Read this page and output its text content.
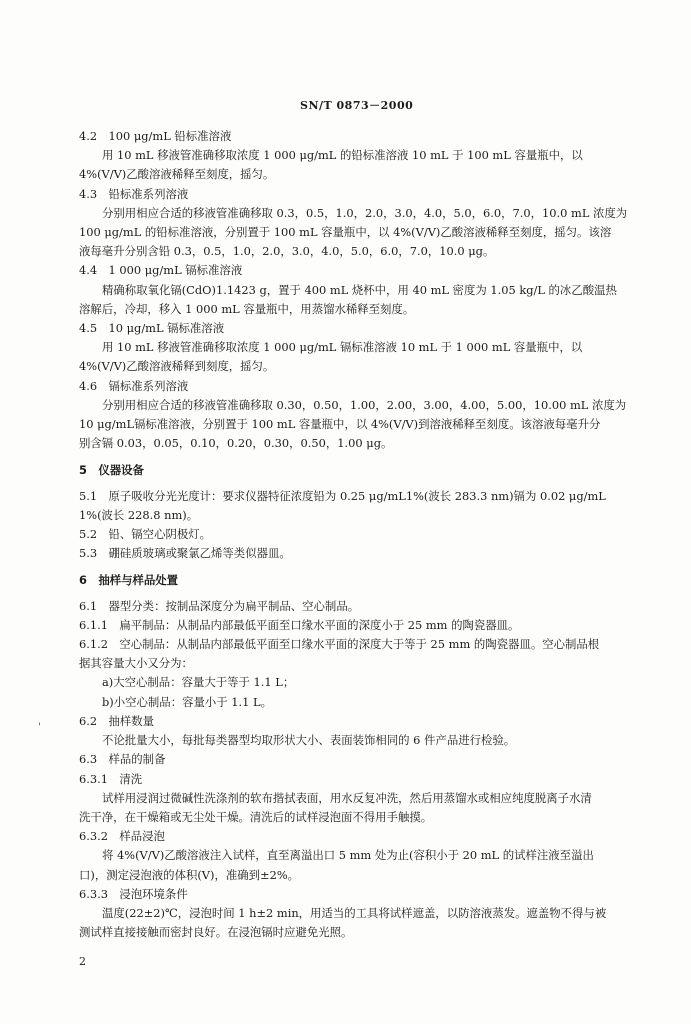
SN/T 0873－2000

4.2　100 μg/mL 铅标准溶液

用 10 mL 移液管准确移取浓度 1 000 μg/mL 的铅标准溶液 10 mL 于 100 mL 容量瓶中，以

4%(V/V)乙酸溶液稀释至刻度，摇匀。

4.3　铅标准系列溶液

分别用相应合适的移液管准确移取 0.3，0.5，1.0，2.0，3.0，4.0，5.0，6.0，7.0，10.0 mL 浓度为

100 μg/mL 的铅标准溶液，分别置于 100 mL 容量瓶中，以 4%(V/V)乙酸溶液稀释至刻度，摇匀。该溶

液每毫升分别含铅 0.3，0.5，1.0，2.0，3.0，4.0，5.0，6.0，7.0，10.0 μg。

4.4　1 000 μg/mL 镉标准溶液

精确称取氧化镉(CdO)1.1423 g，置于 400 mL 烧杯中，用 40 mL 密度为 1.05 kg/L 的冰乙酸温热

溶解后，冷却，移入 1 000 mL 容量瓶中，用蒸馏水稀释至刻度。

4.5　10 μg/mL 镉标准溶液

用 10 mL 移液管准确移取浓度 1 000 μg/mL 镉标准溶液 10 mL 于 1 000 mL 容量瓶中，以

4%(V/V)乙酸溶液稀释到刻度，摇匀。

4.6　镉标准系列溶液

分别用相应合适的移液管准确移取 0.30，0.50，1.00，2.00，3.00，4.00，5.00，10.00 mL 浓度为

10 μg/mL镉标准溶液，分别置于 100 mL 容量瓶中，以 4%(V/V)到溶液稀释至刻度。该溶液每毫升分

别含镉 0.03，0.05，0.10，0.20，0.30，0.50，1.00 μg。

5　仪器设备

5.1　原子吸收分光光度计：要求仪器特征浓度铅为 0.25 μg/mL1%(波长 283.3 nm)镉为 0.02 μg/mL

1%(波长 228.8 nm)。

5.2　铅、镉空心阴极灯。

5.3　硼硅质玻璃或聚氯乙烯等类似器皿。

6　抽样与样品处置

6.1　器型分类：按制品深度分为扁平制品、空心制品。

6.1.1　扁平制品：从制品内部最低平面至口缘水平面的深度小于 25 mm 的陶瓷器皿。

6.1.2　空心制品：从制品内部最低平面至口缘水平面的深度大于等于 25 mm 的陶瓷器皿。空心制品根

据其容量大小又分为：

a)大空心制品：容量大于等于 1.1 L；

b)小空心制品：容量小于 1.1 L。

6.2　抽样数量

不论批量大小，每批每类器型均取形状大小、表面装饰相同的 6 件产品进行检验。

6.3　样品的制备

6.3.1　清洗

试样用浸润过微碱性洗涤剂的软布揩拭表面，用水反复冲洗，然后用蒸馏水或相应纯度脱离子水清

洗干净，在干燥箱或无尘处干燥。清洗后的试样浸泡面不得用手触摸。

6.3.2　样品浸泡

将 4%(V/V)乙酸溶液注入试样，直至离溢出口 5 mm 处为止(容积小于 20 mL 的试样注液至溢出

口)，测定浸泡液的体积(V)，准确到±2%。

6.3.3　浸泡环境条件

温度(22±2)℃，浸泡时间 1 h±2 min，用适当的工具将试样遮盖，以防溶液蒸发。遮盖物不得与被

测试样直接接触而密封良好。在浸泡镉时应避免光照。

'
2
